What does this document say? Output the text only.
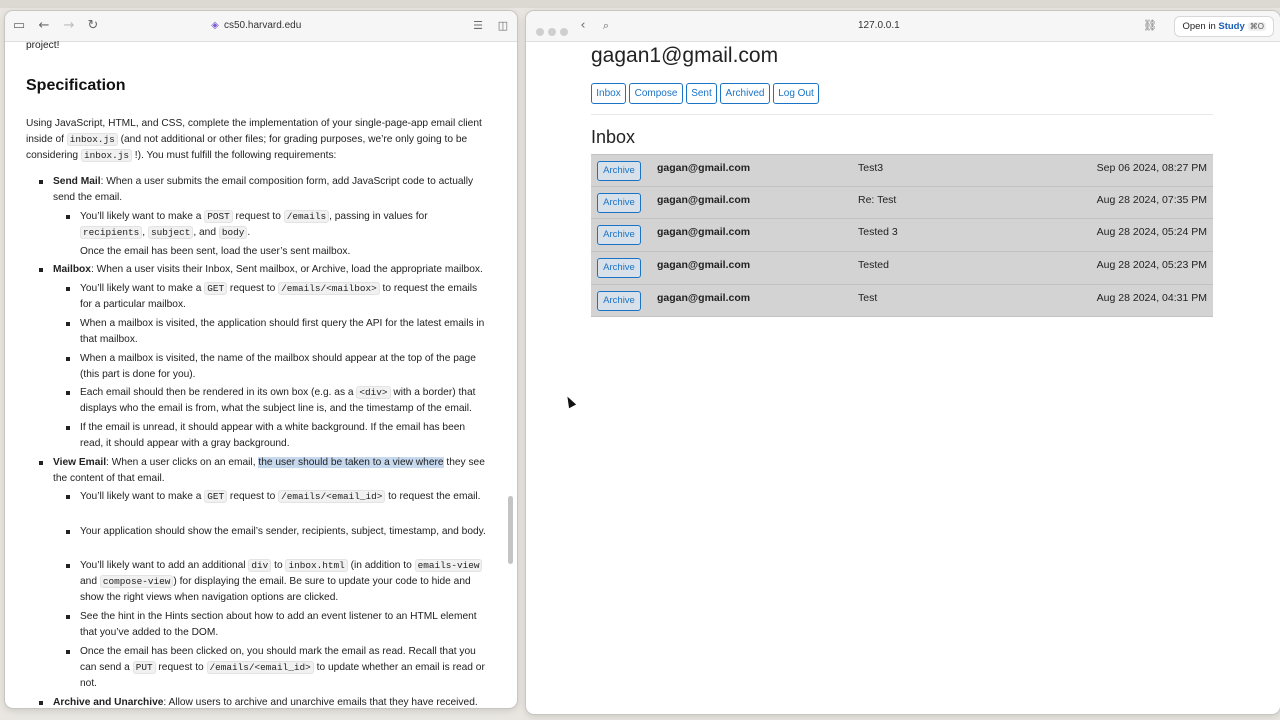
▭ ← → ↻	◈ cs50.harvard.edu	☰ ◫
project!
Specification

Using JavaScript, HTML, and CSS, complete the implementation of your single-page-app email client inside of inbox.js (and not additional or other files; for grading purposes, we’re only going to be considering inbox.js !). You must fulfill the following requirements:

Send Mail: When a user submits the email composition form, add JavaScript code to actually send the email.
You’ll likely want to make a POST request to /emails , passing in values for recipients , subject , and body .
Once the email has been sent, load the user’s sent mailbox.
Mailbox: When a user visits their Inbox, Sent mailbox, or Archive, load the appropriate mailbox.
You’ll likely want to make a GET request to /emails/<mailbox> to request the emails for a particular mailbox.
When a mailbox is visited, the application should first query the API for the latest emails in that mailbox.
When a mailbox is visited, the name of the mailbox should appear at the top of the page (this part is done for you).
Each email should then be rendered in its own box (e.g. as a <div> with a border) that displays who the email is from, what the subject line is, and the timestamp of the email.
If the email is unread, it should appear with a white background. If the email has been read, it should appear with a gray background.
View Email: When a user clicks on an email, the user should be taken to a view where they see the content of that email.
You’ll likely want to make a GET request to /emails/<email_id> to request the email.
Your application should show the email’s sender, recipients, subject, timestamp, and body.
You’ll likely want to add an additional div to inbox.html (in addition to emails-view and compose-view ) for displaying the email. Be sure to update your code to hide and show the right views when navigation options are clicked.
See the hint in the Hints section about how to add an event listener to an HTML element that you’ve added to the DOM.
Once the email has been clicked on, you should mark the email as read. Recall that you can send a PUT request to /emails/<email_id> to update whether an email is read or not.
Archive and Unarchive: Allow users to archive and unarchive emails that they have received.
‹	⌕	127.0.0.1	⛓	Open in Study ⌘O
gagan1@gmail.com
Inbox	Compose	Sent	Archived	Log Out
Inbox
Archive	gagan@gmail.com	Test3	Sep 06 2024, 08:27 PM
Archive	gagan@gmail.com	Re: Test	Aug 28 2024, 07:35 PM
Archive	gagan@gmail.com	Tested 3	Aug 28 2024, 05:24 PM
Archive	gagan@gmail.com	Tested	Aug 28 2024, 05:23 PM
Archive	gagan@gmail.com	Test	Aug 28 2024, 04:31 PM
